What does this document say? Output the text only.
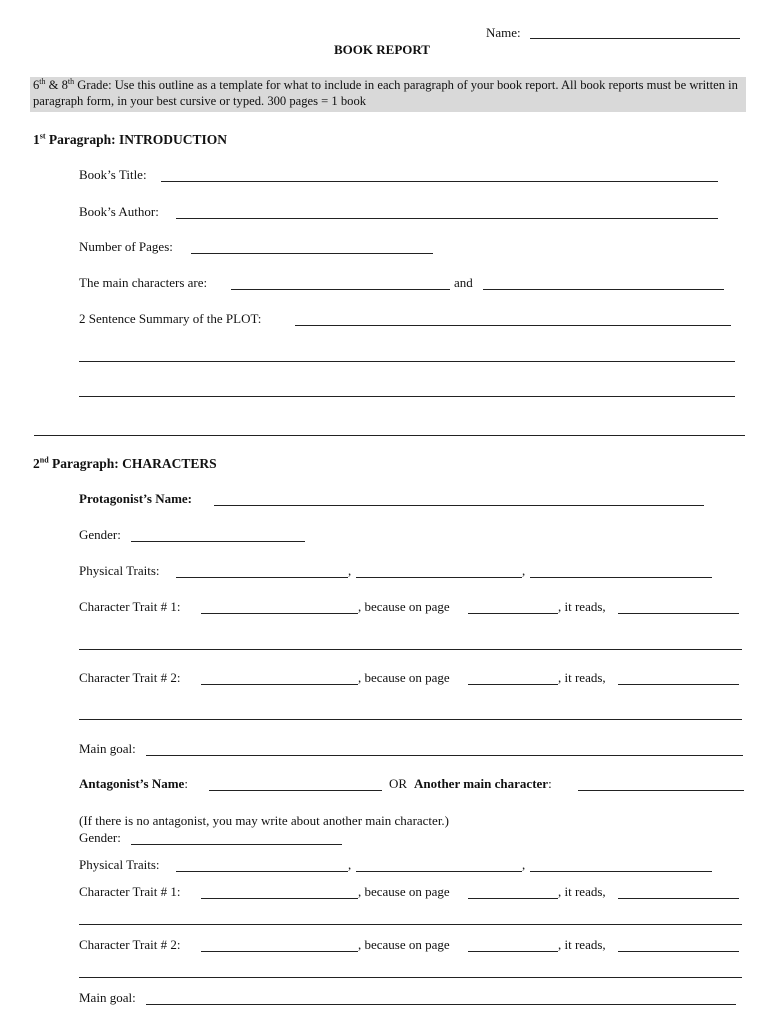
Name:
BOOK REPORT
6th & 8th Grade: Use this outline as a template for what to include in each paragraph of your book report. All book reports must be written in paragraph form, in your best cursive or typed. 300 pages = 1 book
1st Paragraph: INTRODUCTION
Book’s Title:
Book’s Author:
Number of Pages:
The main characters are:	and
2 Sentence Summary of the PLOT:
2nd Paragraph: CHARACTERS
Protagonist’s Name:
Gender:
Physical Traits:	,	,
Character Trait # 1:	, because on page	, it reads,
Character Trait # 2:	, because on page	, it reads,
Main goal:
Antagonist’s Name:	OR Another main character:
(If there is no antagonist, you may write about another main character.)
Gender:
Physical Traits:	,	,
Character Trait # 1:	, because on page	, it reads,
Character Trait # 2:	, because on page	, it reads,
Main goal:
